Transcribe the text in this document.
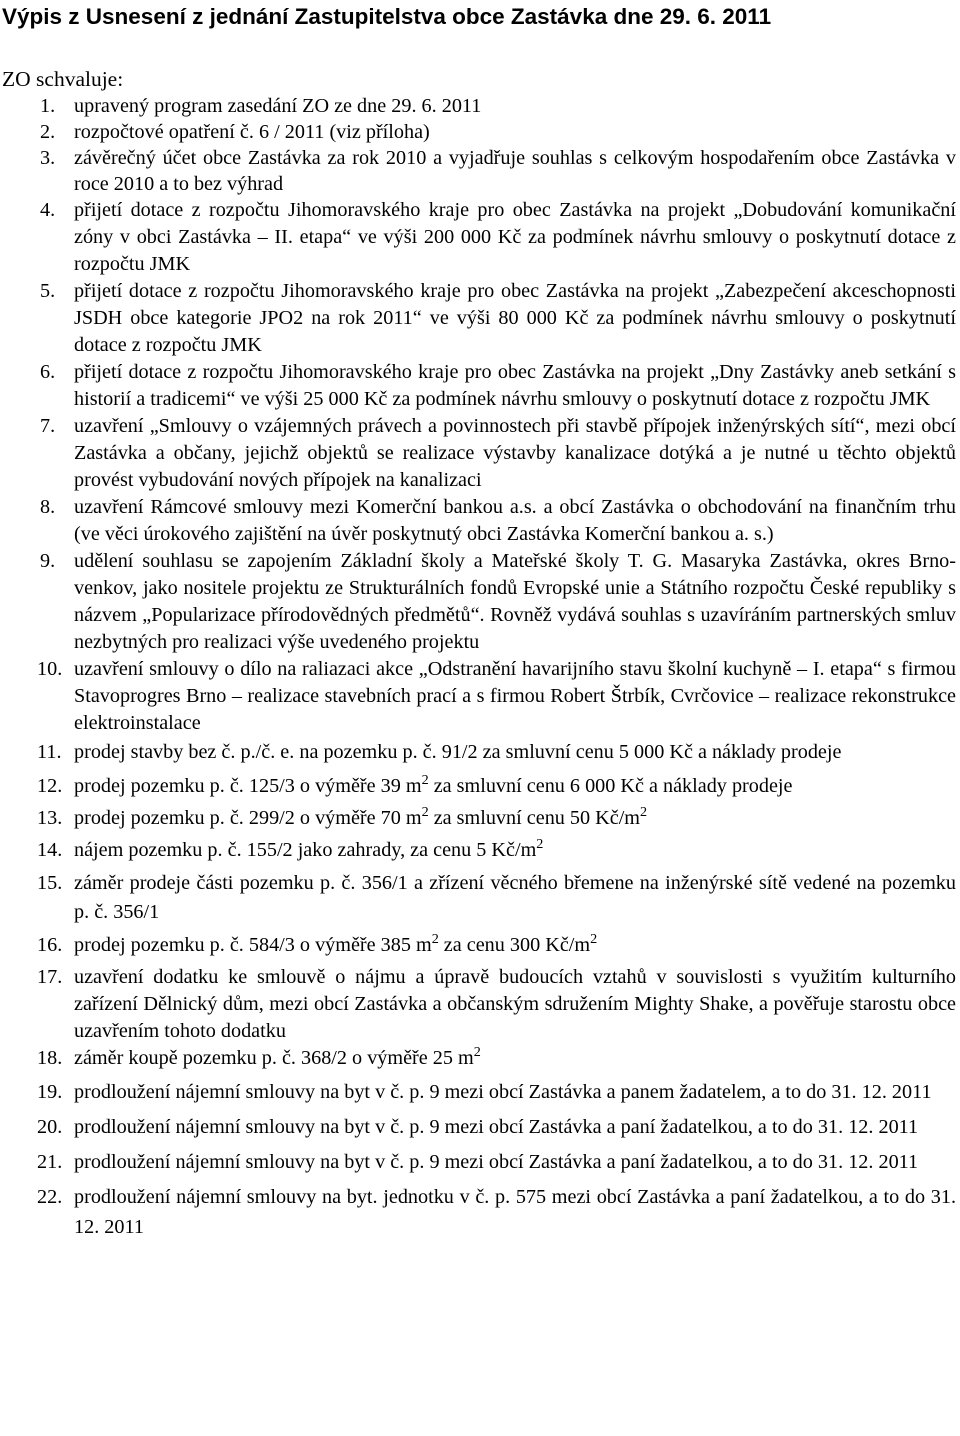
Výpis z Usnesení z jednání Zastupitelstva obce Zastávka dne 29. 6. 2011
ZO schvaluje:
1. upravený program zasedání ZO ze dne 29. 6. 2011
2. rozpočtové opatření č. 6 / 2011 (viz příloha)
3. závěrečný účet obce Zastávka za rok 2010 a vyjadřuje souhlas s celkovým hospodařením obce Zastávka v roce 2010 a to bez výhrad
4. přijetí dotace z rozpočtu Jihomoravského kraje pro obec Zastávka na projekt „Dobudování komunikační zóny v obci Zastávka – II. etapa“ ve výši 200 000 Kč za podmínek návrhu smlouvy o poskytnutí dotace z rozpočtu JMK
5. přijetí dotace z rozpočtu Jihomoravského kraje pro obec Zastávka na projekt „Zabezpečení akceschopnosti JSDH obce kategorie JPO2 na rok 2011“ ve výši 80 000 Kč za podmínek návrhu smlouvy o poskytnutí dotace z rozpočtu JMK
6. přijetí dotace z rozpočtu Jihomoravského kraje pro obec Zastávka na projekt „Dny Zastávky aneb setkání s historií a tradicemi“ ve výši 25 000 Kč za podmínek návrhu smlouvy o poskytnutí dotace z rozpočtu JMK
7. uzavření „Smlouvy o vzájemných právech a povinnostech při stavbě přípojek inženýrských sítí“, mezi obcí Zastávka a občany, jejichž objektů se realizace výstavby kanalizace dotýká a je nutné u těchto objektů provést vybudování nových přípojek na kanalizaci
8. uzavření Rámcové smlouvy mezi Komerční bankou a.s. a obcí Zastávka o obchodování na finančním trhu (ve věci úrokového zajištění na úvěr poskytnutý obci Zastávka Komerční bankou a. s.)
9. udělení souhlasu se zapojením Základní školy a Mateřské školy T. G. Masaryka Zastávka, okres Brno-venkov, jako nositele projektu ze Strukturálních fondů Evropské unie a Státního rozpočtu České republiky s názvem „Popularizace přírodovědných předmětů“. Rovněž vydává souhlas s uzavíráním partnerských smluv nezbytných pro realizaci výše uvedeného projektu
10. uzavření smlouvy o dílo na raliazaci akce „Odstranění havarijního stavu školní kuchyně – I. etapa“ s firmou Stavoprogres Brno – realizace stavebních prací a s firmou Robert Štrbík, Cvrčovice – realizace rekonstrukce elektroinstalace
11. prodej stavby bez č. p./č. e. na pozemku p. č. 91/2 za smluvní cenu 5 000 Kč a náklady prodeje
12. prodej pozemku p. č. 125/3 o výměře 39 $m^2$ za smluvní cenu 6 000 Kč a náklady prodeje
13. prodej pozemku p. č. 299/2 o výměře 70 $m^2$ za smluvní cenu 50 $Kč/m^2$
14. nájem pozemku p. č. 155/2 jako zahrady, za cenu 5 $Kč/m^2$
15. záměr prodeje části pozemku p. č. 356/1 a zřízení věcného břemene na inženýrské sítě vedené na pozemku p. č. 356/1
16. prodej pozemku p. č. 584/3 o výměře 385 $m^2$ za cenu 300 $Kč/m^2$
17. uzavření dodatku ke smlouvě o nájmu a úpravě budoucích vztahů v souvislosti s využitím kulturního zařízení Dělnický dům, mezi obcí Zastávka a občanským sdružením Mighty Shake, a pověřuje starostu obce uzavřením tohoto dodatku
18. záměr koupě pozemku p. č. 368/2 o výměře 25 $m^2$
19. prodloužení nájemní smlouvy na byt v č. p. 9 mezi obcí Zastávka a panem žadatelem, a to do 31. 12. 2011
20. prodloužení nájemní smlouvy na byt v č. p. 9 mezi obcí Zastávka a paní žadatelkou, a to do 31. 12. 2011
21. prodloužení nájemní smlouvy na byt v č. p. 9 mezi obcí Zastávka a paní žadatelkou, a to do 31. 12. 2011
22. prodloužení nájemní smlouvy na byt. jednotku v č. p. 575 mezi obcí Zastávka a paní žadatelkou, a to do 31. 12. 2011
